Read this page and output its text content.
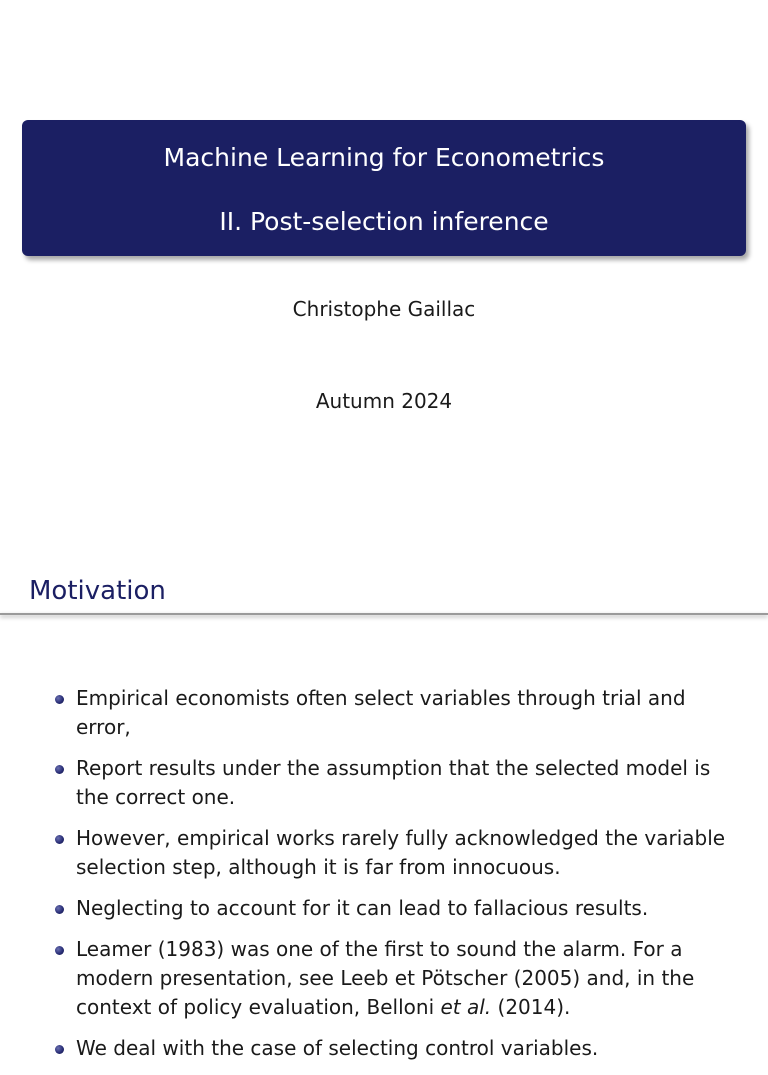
Machine Learning for Econometrics
II. Post-selection inference
Christophe Gaillac
Autumn 2024
Motivation
Empirical economists often select variables through trial and error,
Report results under the assumption that the selected model is the correct one.
However, empirical works rarely fully acknowledged the variable selection step, although it is far from innocuous.
Neglecting to account for it can lead to fallacious results.
Leamer (1983) was one of the first to sound the alarm. For a modern presentation, see Leeb et Pötscher (2005) and, in the context of policy evaluation, Belloni et al. (2014).
We deal with the case of selecting control variables.
